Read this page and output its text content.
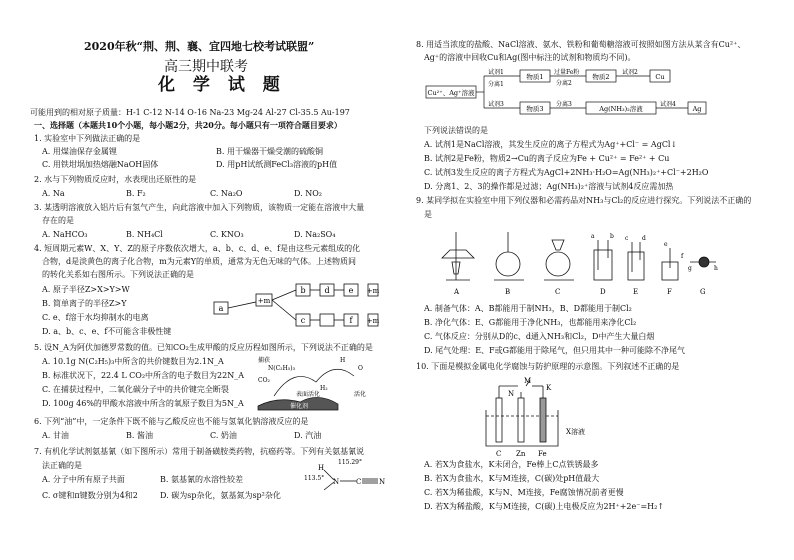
2020年秋“荆、荆、襄、宜四地七校考试联盟”
高三期中联考
化 学 试 题
可能用到的相对原子质量：H-1 C-12 N-14 O-16 Na-23 Mg-24 Al-27 Cl-35.5 Au-197
一、选择题（本题共10个小题，每小题2分，共20分。每小题只有一项符合题目要求）
1. 实验室中下列做法正确的是
A. 用煤油保存金属锂	B. 用干燥器干燥受潮的硫酸铜
C. 用铁坩埚加热熔融NaOH固体	D. 用pH试纸测FeCl₃溶液的pH值
2. 水与下列物质反应时，水表现出还原性的是
A. Na	B. F₂	C. Na₂O	D. NO₂
3. 某透明溶液放入铝片后有氢气产生，向此溶液中加入下列物质，该物质一定能在溶液中大量
存在的是
A. NaHCO₃	B. NH₄Cl	C. KNO₃	D. Na₂SO₄
4. 短周期元素W、X、Y、Z的原子序数依次增大，a、b、c、d、e、f是由这些元素组成的化
合物，d是淡黄色的离子化合物，m为元素Y的单质，通常为无色无味的气体。上述物质间
的转化关系如右图所示。下列说法正确的是
A. 原子半径Z>X>Y>W
B. 简单离子的半径Z>Y
C. e、f溶于水均抑制水的电离
D. a、b、c、e、f不可能含非极性键
a
+m
b
c
d e
f
+m
+m
5. 设N_A为阿伏加德罗常数的值。已知CO₂生成甲酸的反应历程如图所示，下列说法不正确的是
A. 10.1g N(C₂H₅)₃中所含的共价键数目为2.1N_A
B. 标准状况下，22.4 L CO₂中所含的电子数目为22N_A
C. 在捕获过程中，二氧化碳分子中的共价键完全断裂
D. 100g 46%的甲酸水溶液中所含的氧原子数目为5N_A
捕获
N(C₂H₅)₃
CO₂
H₂
表面活化	活化
催化剂
H
O
6. 下列“油”中，一定条件下既不能与乙酸反应也不能与氢氧化钠溶液反应的是
A. 甘油	B. 酱油	C. 奶油	D. 汽油
7. 有机化学试剂氨基氰（如下图所示）常用于制备磺胺类药物，抗癌药等。下列有关氨基氰说
法正确的是
A. 分子中所有原子共面	B. 氨基氰的水溶性较差
C. σ键和π键数分别为4和2	D. 碳为sp杂化，氨基氮为sp²杂化
H
N C	N
115.29°
113.5°
8. 用适当浓度的盐酸、NaCl溶液、氨水、铁粉和葡萄糖溶液可按照如图方法从某含有Cu²⁺、
Ag⁺的溶液中回收Cu和Ag(图中标注的试剂和物质均不同)。
Cu²⁺、Ag⁺溶液
试剂1
分离1
物质1
过量Fe粉
分离2
物质2
试剂2
Cu
试剂3
物质3
分离3
Ag(NH₃)₂溶液
试剂4
Ag
下列说法错误的是
A. 试剂1是NaCl溶液，其发生反应的离子方程式为Ag⁺+Cl⁻ = AgCl↓
B. 试剂2是Fe粉，物质2→Cu的离子反应为Fe + Cu²⁺ = Fe²⁺ + Cu
C. 试剂3发生反应的离子方程式为AgCl+2NH₃·H₂O=Ag(NH₃)₂⁺+Cl⁻+2H₂O
D. 分离1、2、3的操作都是过滤；Ag(NH₃)₂⁺溶液与试剂4反应需加热
9. 某同学拟在实验室中用下列仪器和必需药品对NH₃与Cl₂的反应进行探究。下列说法不正确的
是
A	B	C	D	E	F	G
a	b c d
e
f
g	h
A. 制备气体：A、B都能用于制NH₃，B、D都能用于制Cl₂
B. 净化气体：E、G都能用于净化NH₃，也都能用来净化Cl₂
C. 气体反应：分别从D的c、d通入NH₃和Cl₂，D中产生大量白烟
D. 尾气处理：E、F或G都能用于除尾气，但只用其中一种可能除不净尾气
10. 下面是模拟金属电化学腐蚀与防护原理的示意图。下列叙述不正确的是
M
K
N
X溶液
C Zn Fe
A. 若X为食盐水，K未闭合，Fe棒上C点铁锈最多
B. 若X为食盐水，K与M连接，C(碳)处pH值最大
C. 若X为稀盐酸，K与N、M连接，Fe腐蚀情况前者更慢
D. 若X为稀盐酸，K与M连接，C(碳)上电极反应为2H⁺+2e⁻=H₂↑
